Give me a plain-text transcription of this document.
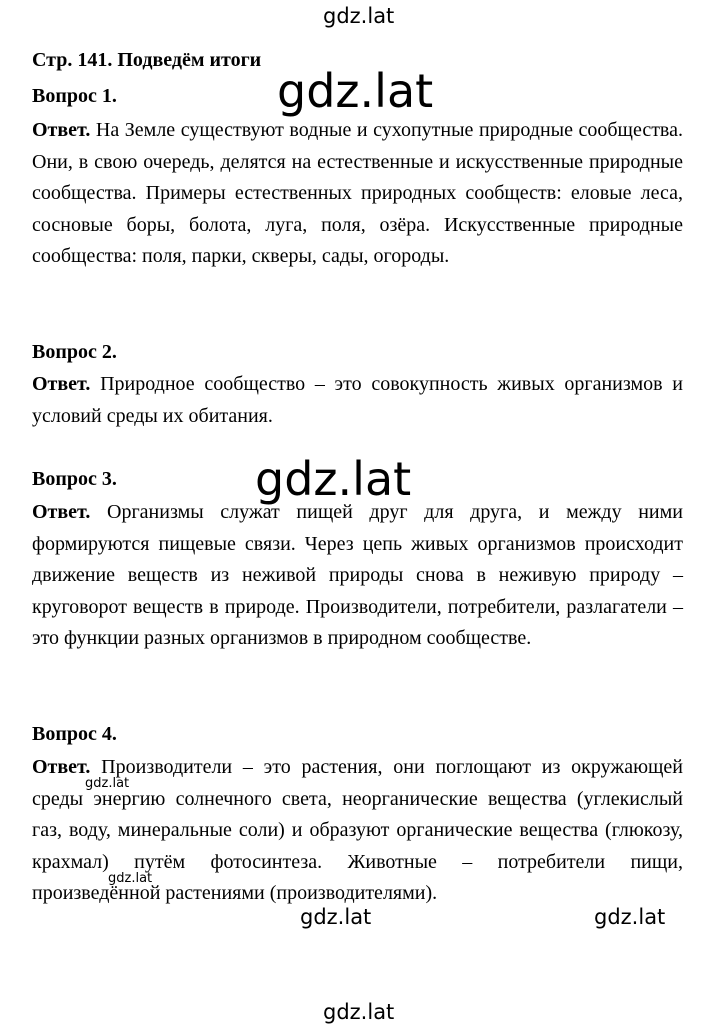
gdz.lat
gdz.lat
gdz.lat
gdz.lat
gdz.lat
gdz.lat	gdz.lat
gdz.lat
Стр. 141. Подведём итоги
Вопрос 1.
Ответ. На Земле существуют водные и сухопутные природные сообщества. Они, в свою очередь, делятся на естественные и искусственные природные сообщества. Примеры естественных природных сообществ: еловые леса, сосновые боры, болота, луга, поля, озёра. Искусственные природные сообщества: поля, парки, скверы, сады, огороды.
Вопрос 2.
Ответ. Природное сообщество – это совокупность живых организмов и условий среды их обитания.
Вопрос 3.
Ответ. Организмы служат пищей друг для друга, и между ними формируются пищевые связи. Через цепь живых организмов происходит движение веществ из неживой природы снова в неживую природу – круговорот веществ в природе. Производители, потребители, разлагатели – это функции разных организмов в природном сообществе.
Вопрос 4.
Ответ. Производители – это растения, они поглощают из окружающей среды энергию солнечного света, неорганические вещества (углекислый газ, воду, минеральные соли) и образуют органические вещества (глюкозу, крахмал) путём фотосинтеза. Животные – потребители пищи, произведённой растениями (производителями).
